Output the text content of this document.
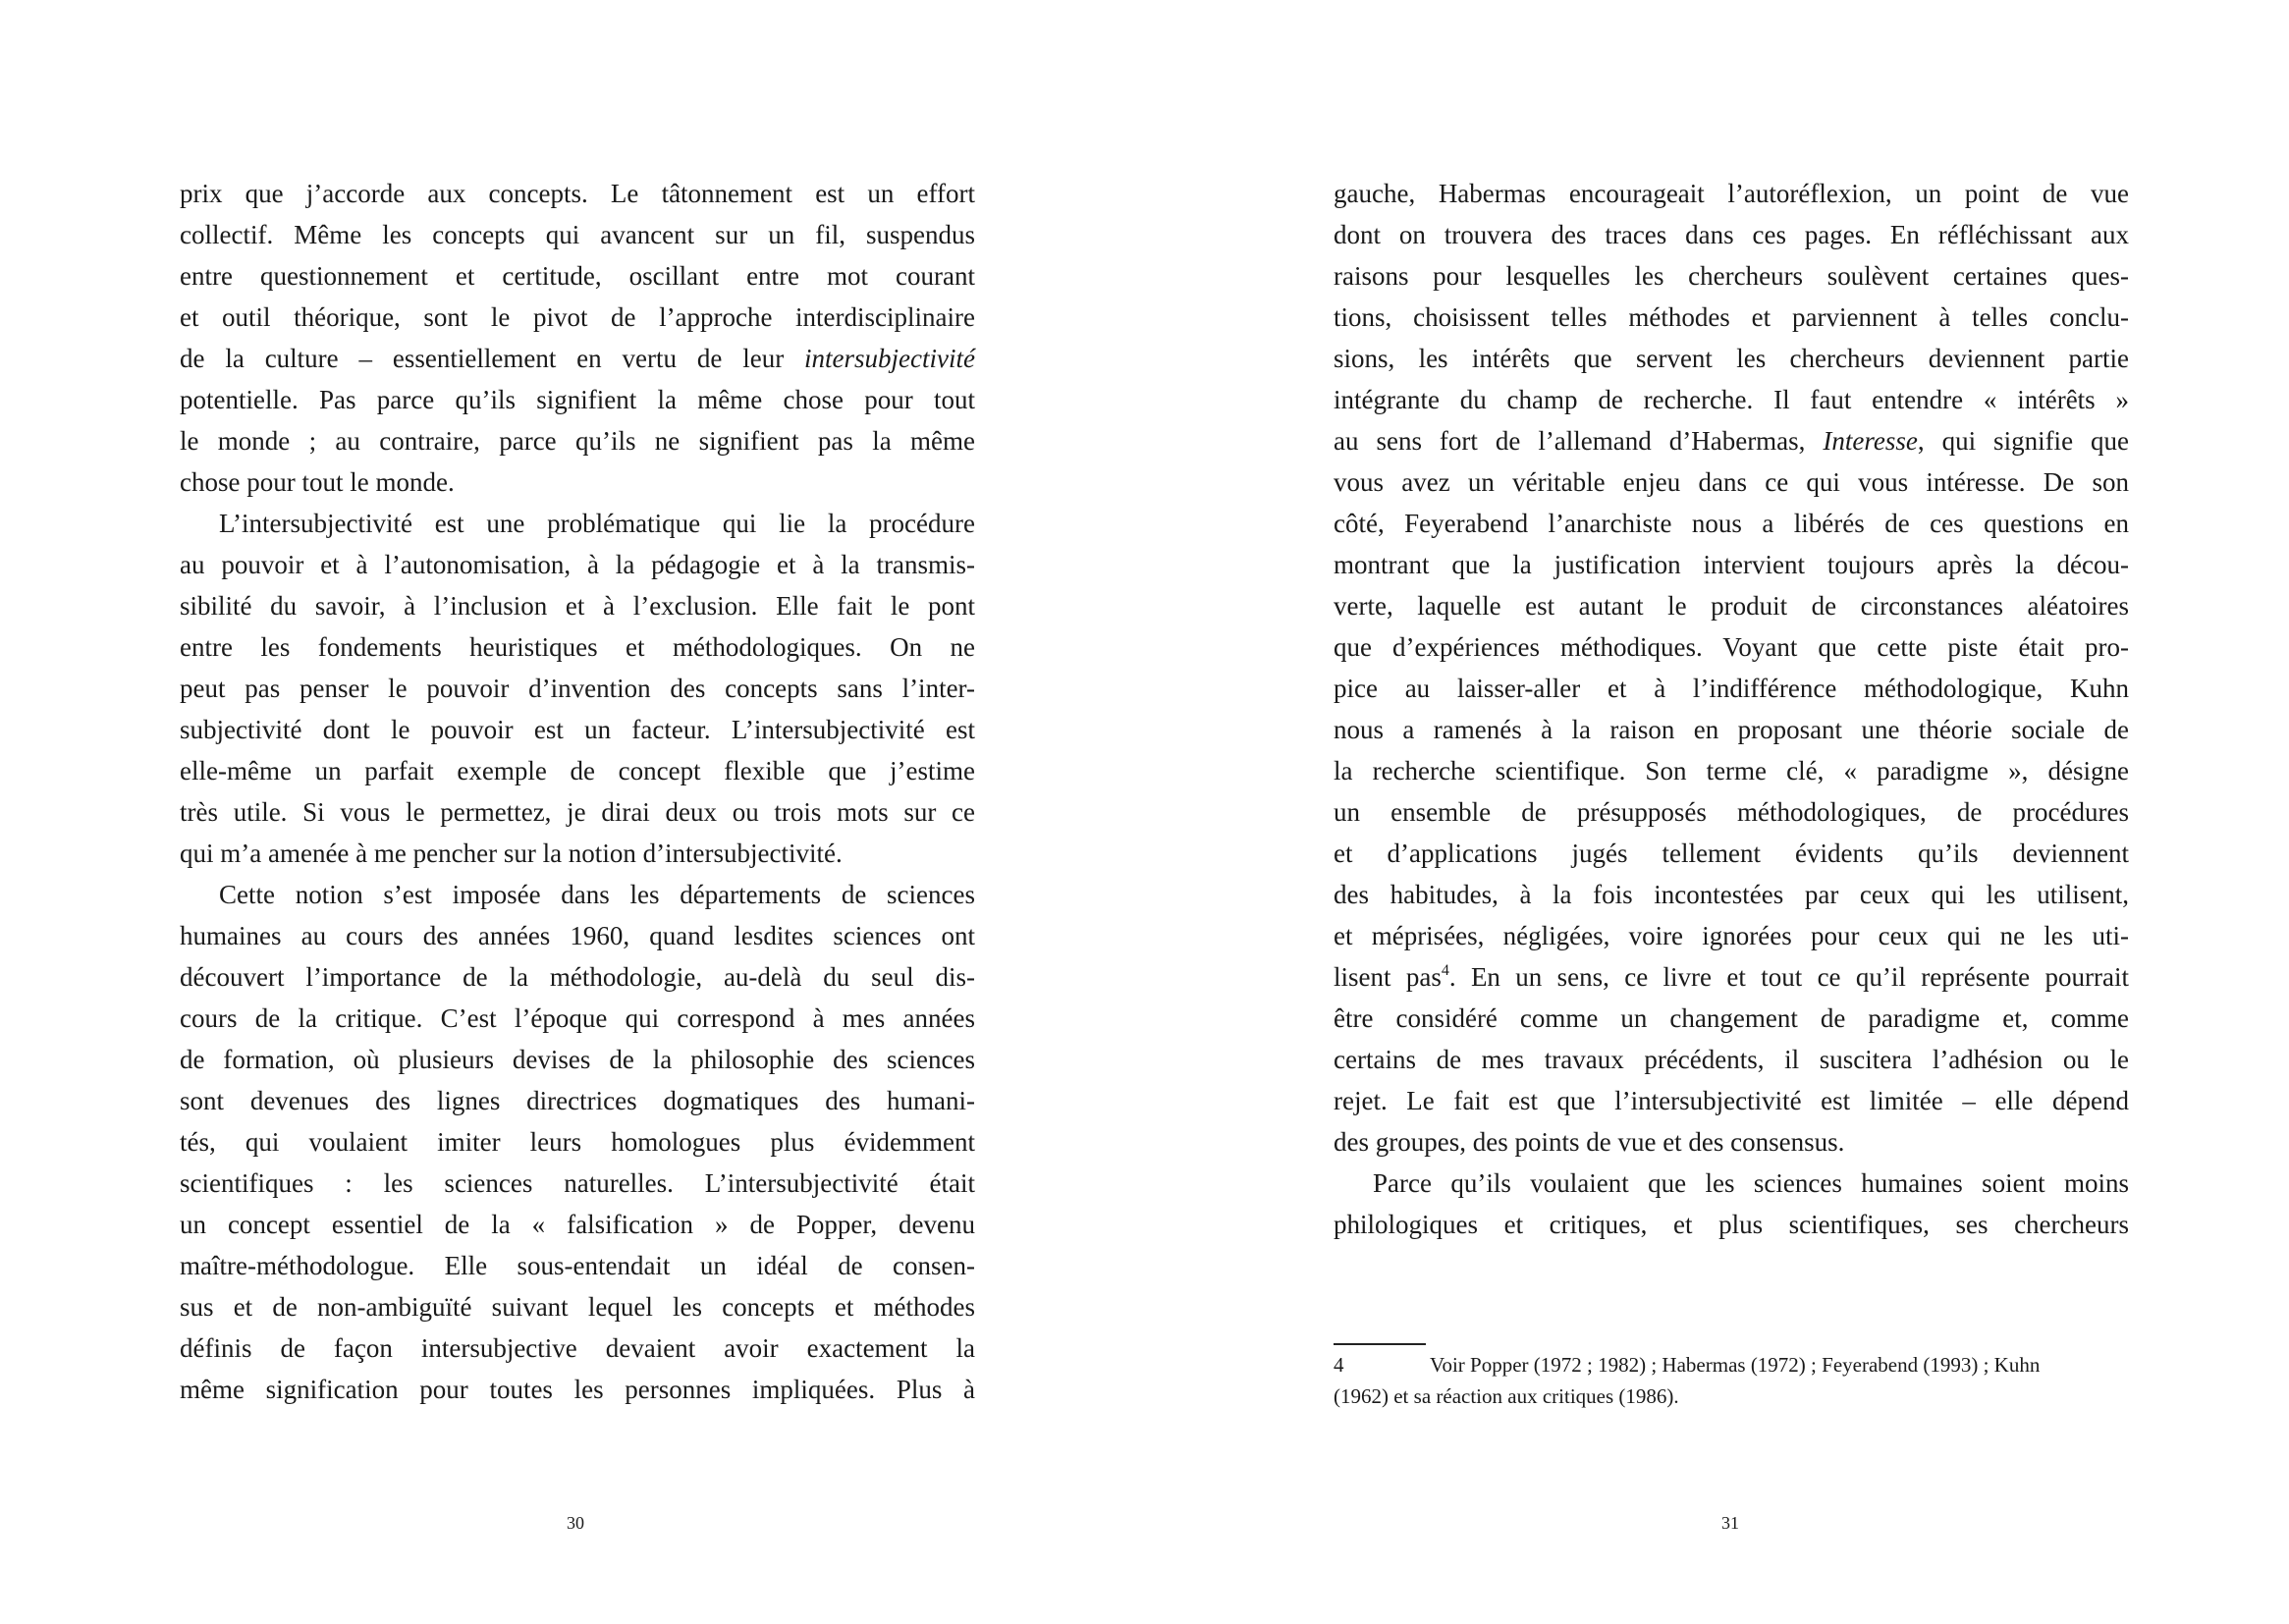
prix que j’accorde aux concepts. Le tâtonnement est un effort
collectif. Même les concepts qui avancent sur un fil, suspendus
entre questionnement et certitude, oscillant entre mot courant
et outil théorique, sont le pivot de l’approche interdisciplinaire
de la culture – essentiellement en vertu de leur intersubjectivité
potentielle. Pas parce qu’ils signifient la même chose pour tout
le monde ; au contraire, parce qu’ils ne signifient pas la même
chose pour tout le monde.
L’intersubjectivité est une problématique qui lie la procédure
au pouvoir et à l’autonomisation, à la pédagogie et à la transmis-
sibilité du savoir, à l’inclusion et à l’exclusion. Elle fait le pont
entre les fondements heuristiques et méthodologiques. On ne
peut pas penser le pouvoir d’invention des concepts sans l’inter-
subjectivité dont le pouvoir est un facteur. L’intersubjectivité est
elle-même un parfait exemple de concept flexible que j’estime
très utile. Si vous le permettez, je dirai deux ou trois mots sur ce
qui m’a amenée à me pencher sur la notion d’intersubjectivité.
Cette notion s’est imposée dans les départements de sciences
humaines au cours des années 1960, quand lesdites sciences ont
découvert l’importance de la méthodologie, au-delà du seul dis-
cours de la critique. C’est l’époque qui correspond à mes années
de formation, où plusieurs devises de la philosophie des sciences
sont devenues des lignes directrices dogmatiques des humani-
tés, qui voulaient imiter leurs homologues plus évidemment
scientifiques : les sciences naturelles. L’intersubjectivité était
un concept essentiel de la « falsification » de Popper, devenu
maître-méthodologue. Elle sous-entendait un idéal de consen-
sus et de non-ambiguïté suivant lequel les concepts et méthodes
définis de façon intersubjective devaient avoir exactement la
même signification pour toutes les personnes impliquées. Plus à
gauche, Habermas encourageait l’autoréflexion, un point de vue
dont on trouvera des traces dans ces pages. En réfléchissant aux
raisons pour lesquelles les chercheurs soulèvent certaines ques-
tions, choisissent telles méthodes et parviennent à telles conclu-
sions, les intérêts que servent les chercheurs deviennent partie
intégrante du champ de recherche. Il faut entendre « intérêts »
au sens fort de l’allemand d’Habermas, Interesse, qui signifie que
vous avez un véritable enjeu dans ce qui vous intéresse. De son
côté, Feyerabend l’anarchiste nous a libérés de ces questions en
montrant que la justification intervient toujours après la décou-
verte, laquelle est autant le produit de circonstances aléatoires
que d’expériences méthodiques. Voyant que cette piste était pro-
pice au laisser-aller et à l’indifférence méthodologique, Kuhn
nous a ramenés à la raison en proposant une théorie sociale de
la recherche scientifique. Son terme clé, « paradigme », désigne
un ensemble de présupposés méthodologiques, de procédures
et d’applications jugés tellement évidents qu’ils deviennent
des habitudes, à la fois incontestées par ceux qui les utilisent,
et méprisées, négligées, voire ignorées pour ceux qui ne les uti-
lisent pas$^4$. En un sens, ce livre et tout ce qu’il représente pourrait
être considéré comme un changement de paradigme et, comme
certains de mes travaux précédents, il suscitera l’adhésion ou le
rejet. Le fait est que l’intersubjectivité est limitée – elle dépend
des groupes, des points de vue et des consensus.
Parce qu’ils voulaient que les sciences humaines soient moins
philologiques et critiques, et plus scientifiques, ses chercheurs
4	Voir Popper (1972 ; 1982) ; Habermas (1972) ; Feyerabend (1993) ; Kuhn
(1962) et sa réaction aux critiques (1986).
30	31
